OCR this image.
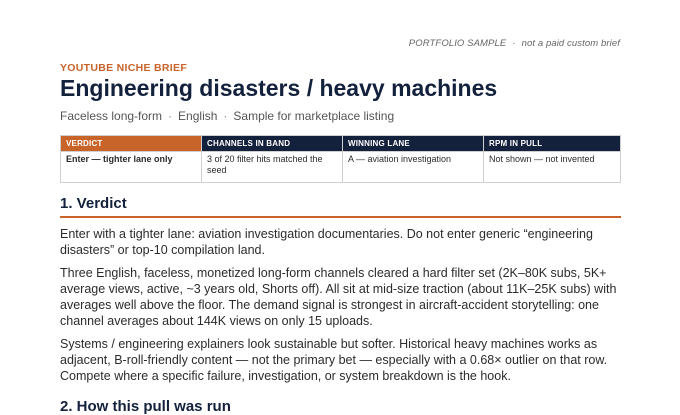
PORTFOLIO SAMPLE · not a paid custom brief
YOUTUBE NICHE BRIEF
Engineering disasters / heavy machines
Faceless long-form · English · Sample for marketplace listing
VERDICT	CHANNELS IN BAND	WINNING LANE	RPM IN PULL
Enter — tighter lane only	3 of 20 filter hits matched the seed	A — aviation investigation	Not shown — not invented
1. Verdict

Enter with a tighter lane: aviation investigation documentaries. Do not enter generic “engineering disasters” or top-10 compilation land.

Three English, faceless, monetized long-form channels cleared a hard filter set (2K–80K subs, 5K+ average views, active, ~3 years old, Shorts off). All sit at mid-size traction (about 11K–25K subs) with averages well above the floor. The demand signal is strongest in aircraft-accident storytelling: one channel averages about 144K views on only 15 uploads.

Systems / engineering explainers look sustainable but softer. Historical heavy machines works as adjacent, B-roll-friendly content — not the primary bet — especially with a 0.68× outlier on that row. Compete where a specific failure, investigation, or system breakdown is the hook.

2. How this pull was run
